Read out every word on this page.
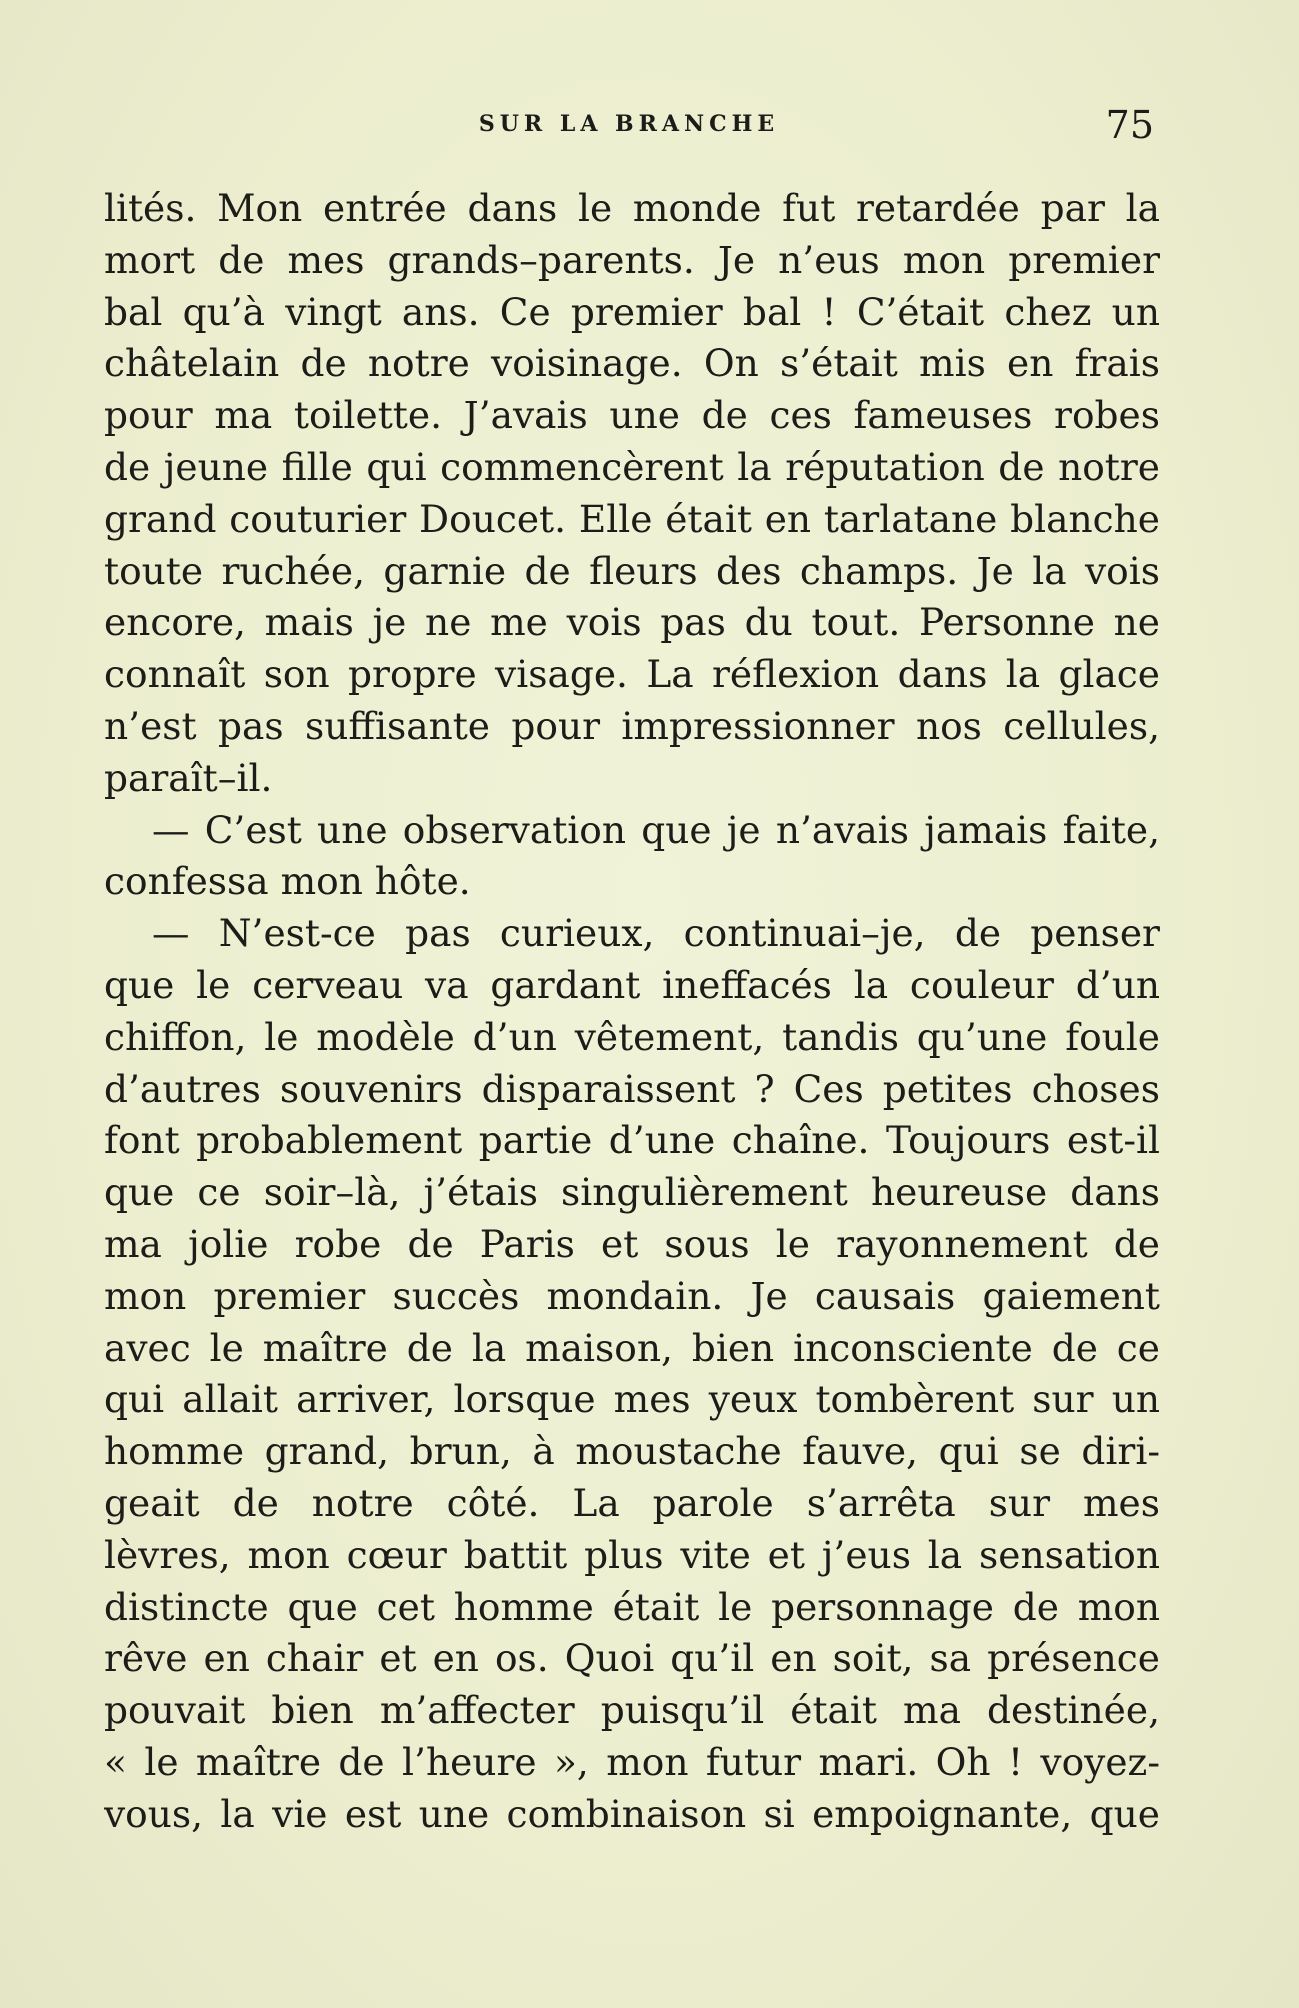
SUR LA BRANCHE	75
lités. Mon entrée dans le monde fut retardée par la
mort de mes grands–parents. Je n’eus mon premier
bal qu’à vingt ans. Ce premier bal ! C’était chez un
châtelain de notre voisinage. On s’était mis en frais
pour ma toilette. J’avais une de ces fameuses robes
de jeune fille qui commencèrent la réputation de notre
grand couturier Doucet. Elle était en tarlatane blanche
toute ruchée, garnie de fleurs des champs. Je la vois
encore, mais je ne me vois pas du tout. Personne ne
connaît son propre visage. La réflexion dans la glace
n’est pas suffisante pour impressionner nos cellules,
paraît–il.
— C’est une observation que je n’avais jamais faite,
confessa mon hôte.
— N’est-ce pas curieux, continuai–je, de penser
que le cerveau va gardant ineffacés la couleur d’un
chiffon, le modèle d’un vêtement, tandis qu’une foule
d’autres souvenirs disparaissent ? Ces petites choses
font probablement partie d’une chaîne. Toujours est-il
que ce soir–là, j’étais singulièrement heureuse dans
ma jolie robe de Paris et sous le rayonnement de
mon premier succès mondain. Je causais gaiement
avec le maître de la maison, bien inconsciente de ce
qui allait arriver, lorsque mes yeux tombèrent sur un
homme grand, brun, à moustache fauve, qui se diri-
geait de notre côté. La parole s’arrêta sur mes
lèvres, mon cœur battit plus vite et j’eus la sensation
distincte que cet homme était le personnage de mon
rêve en chair et en os. Quoi qu’il en soit, sa présence
pouvait bien m’affecter puisqu’il était ma destinée,
« le maître de l’heure », mon futur mari. Oh ! voyez-
vous, la vie est une combinaison si empoignante, que
